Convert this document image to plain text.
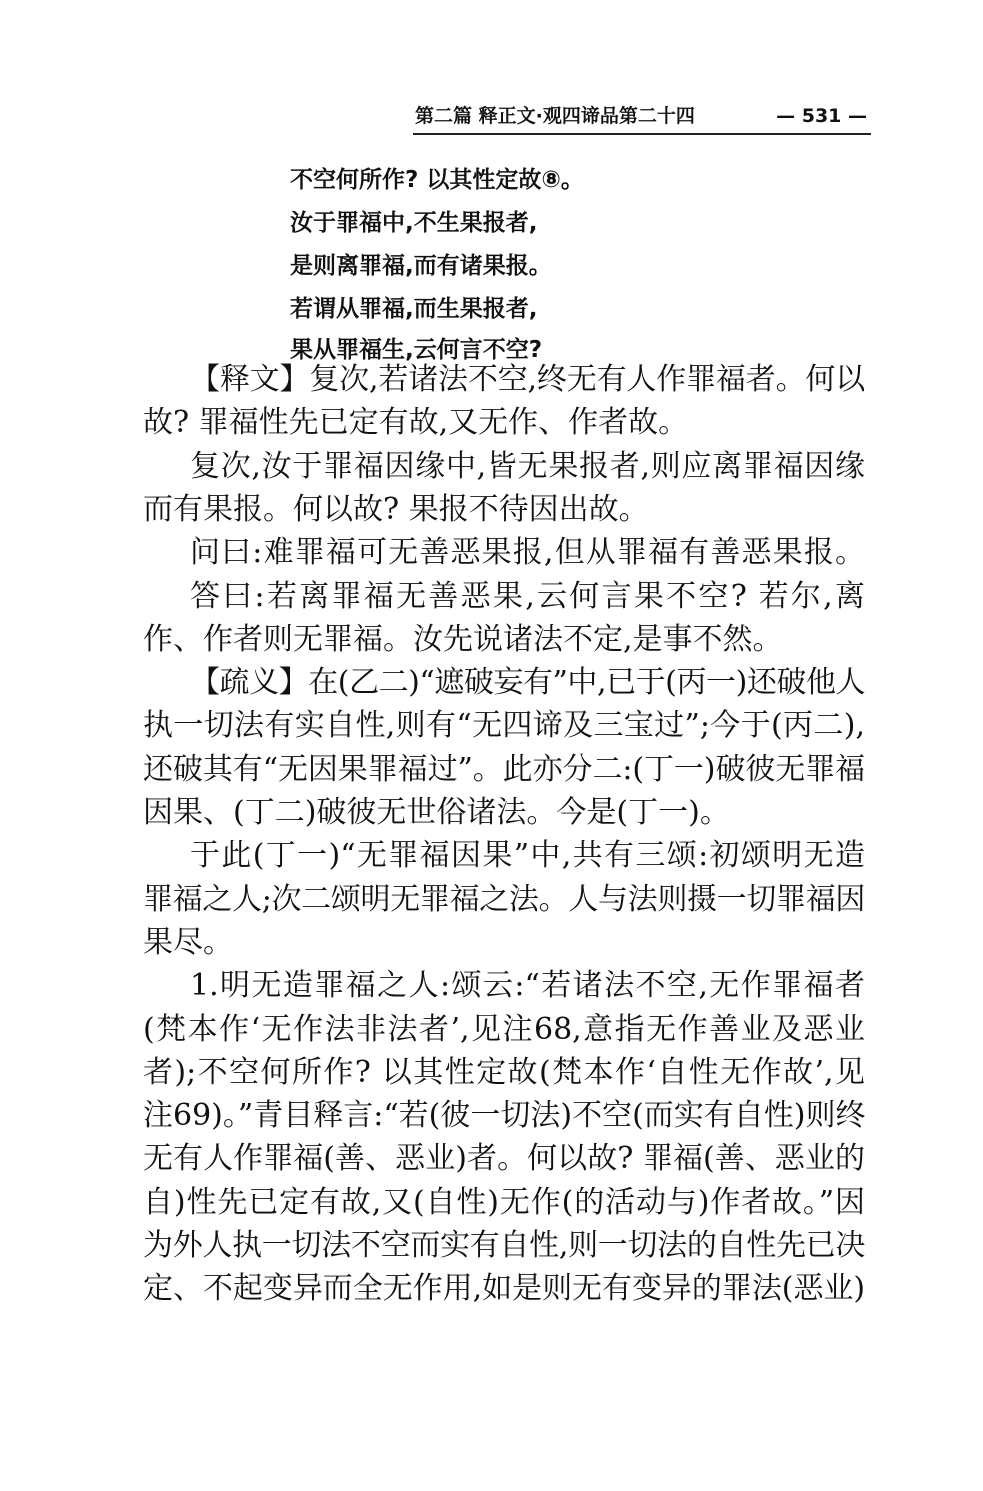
第二篇 释正文·观四谛品第二十四	— 531 —
不空何所作? 以其性定故⑧。
汝于罪福中,不生果报者,
是则离罪福,而有诸果报。
若谓从罪福,而生果报者,
果从罪福生,云何言不空?
【释文】复次,若诸法不空,终无有人作罪福者。何以
故? 罪福性先已定有故,又无作、作者故。
复次,汝于罪福因缘中,皆无果报者,则应离罪福因缘
而有果报。何以故? 果报不待因出故。
问曰:难罪福可无善恶果报,但从罪福有善恶果报。
答曰:若离罪福无善恶果,云何言果不空? 若尔,离
作、作者则无罪福。汝先说诸法不定,是事不然。
【疏义】在(乙二)“遮破妄有”中,已于(丙一)还破他人
执一切法有实自性,则有“无四谛及三宝过”;今于(丙二),
还破其有“无因果罪福过”。此亦分二:(丁一)破彼无罪福
因果、(丁二)破彼无世俗诸法。今是(丁一)。
于此(丁一)“无罪福因果”中,共有三颂:初颂明无造
罪福之人;次二颂明无罪福之法。人与法则摄一切罪福因
果尽。
1.明无造罪福之人:颂云:“若诸法不空,无作罪福者
(梵本作‘无作法非法者’,见注68,意指无作善业及恶业
者);不空何所作? 以其性定故(梵本作‘自性无作故’,见
注69)。”青目释言:“若(彼一切法)不空(而实有自性)则终
无有人作罪福(善、恶业)者。何以故? 罪福(善、恶业的
自)性先已定有故,又(自性)无作(的活动与)作者故。”因
为外人执一切法不空而实有自性,则一切法的自性先已决
定、不起变异而全无作用,如是则无有变异的罪法(恶业)
